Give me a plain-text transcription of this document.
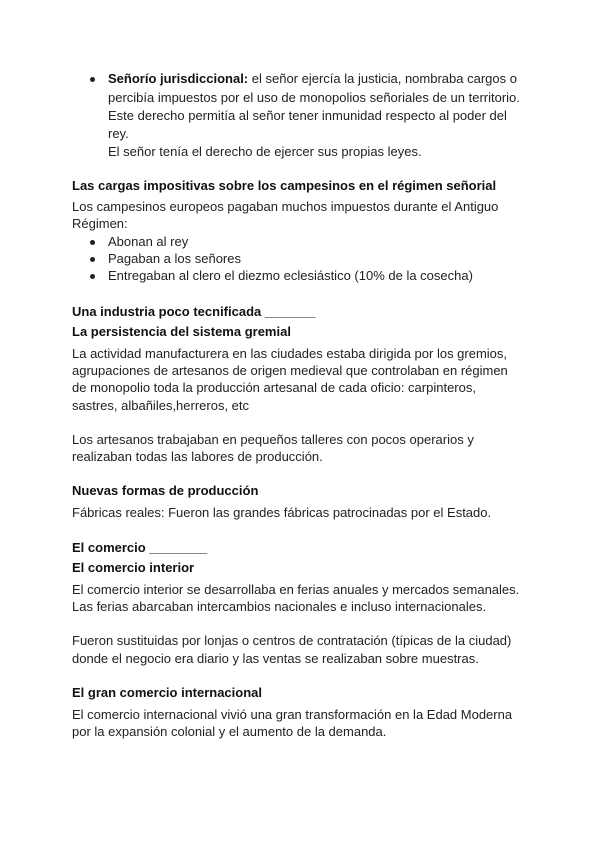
Señorío jurisdiccional: el señor ejercía la justicia, nombraba cargos o
percibía impuestos por el uso de monopolios señoriales de un territorio.
Este derecho permitía al señor tener inmunidad respecto al poder del
rey.
El señor tenía el derecho de ejercer sus propias leyes.
Las cargas impositivas sobre los campesinos en el régimen señorial
Los campesinos europeos pagaban muchos impuestos durante el Antiguo
Régimen:
Abonan al rey
Pagaban a los señores
Entregaban al clero el diezmo eclesiástico (10% de la cosecha)
Una industria poco tecnificada _______
La persistencia del sistema gremial
La actividad manufacturera en las ciudades estaba dirigida por los gremios,
agrupaciones de artesanos de origen medieval que controlaban en régimen
de monopolio toda la producción artesanal de cada oficio: carpinteros,
sastres, albañiles,herreros, etc
Los artesanos trabajaban en pequeños talleres con pocos operarios y
realizaban todas las labores de producción.
Nuevas formas de producción
Fábricas reales: Fueron las grandes fábricas patrocinadas por el Estado.
El comercio ________
El comercio interior
El comercio interior se desarrollaba en ferias anuales y mercados semanales.
Las ferias abarcaban intercambios nacionales e incluso internacionales.
Fueron sustituidas por lonjas o centros de contratación (típicas de la ciudad)
donde el negocio era diario y las ventas se realizaban sobre muestras.
El gran comercio internacional
El comercio internacional vivió una gran transformación en la Edad Moderna
por la expansión colonial y el aumento de la demanda.
